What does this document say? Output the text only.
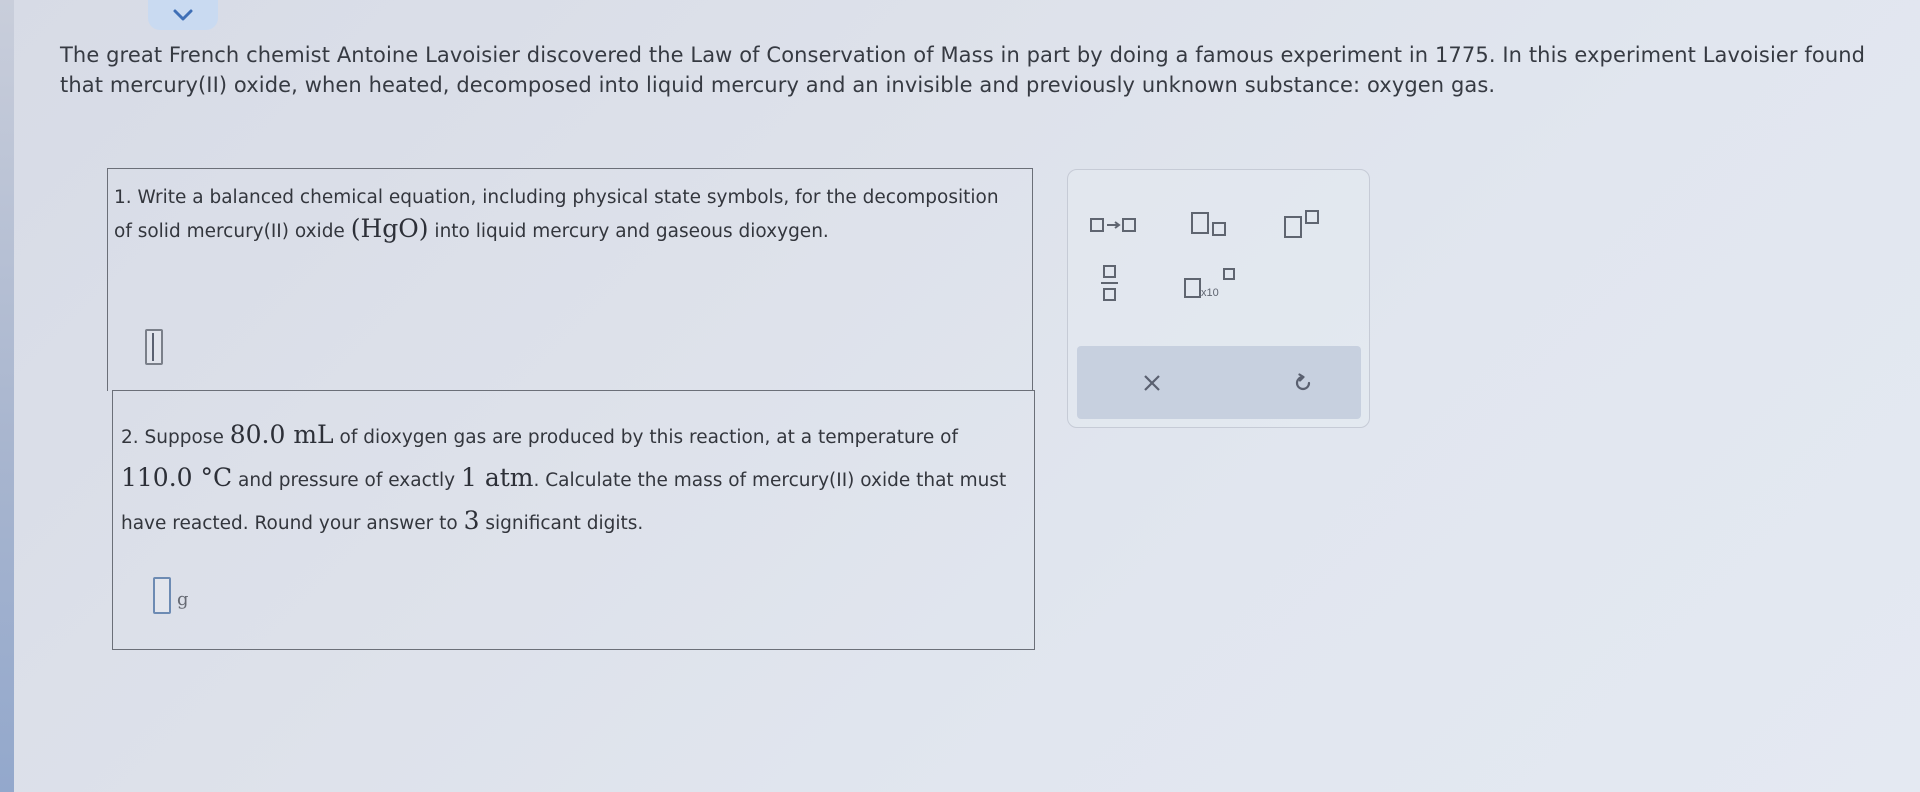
The great French chemist Antoine Lavoisier discovered the Law of Conservation of Mass in part by doing a famous experiment in 1775. In this experiment Lavoisier found that mercury(II) oxide, when heated, decomposed into liquid mercury and an invisible and previously unknown substance: oxygen gas.
1. Write a balanced chemical equation, including physical state symbols, for the decomposition of solid mercury(II) oxide (HgO) into liquid mercury and gaseous dioxygen.
2. Suppose 80.0 mL of dioxygen gas are produced by this reaction, at a temperature of 110.0 °C and pressure of exactly 1 atm. Calculate the mass of mercury(II) oxide that must have reacted. Round your answer to 3 significant digits.
g
x10
